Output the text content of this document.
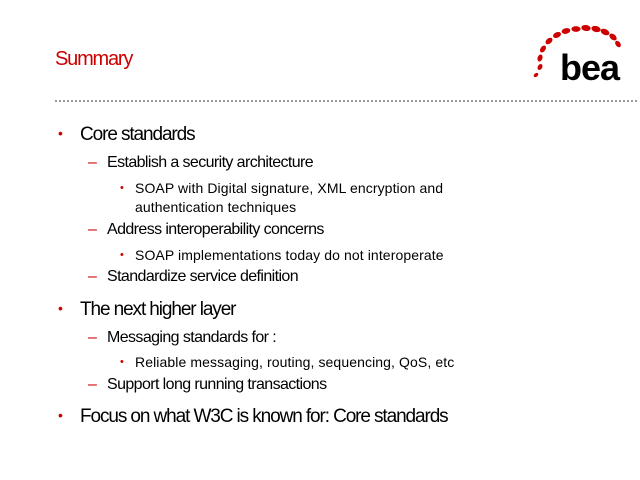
Summary	bea
• Core standards
– Establish a security architecture
• SOAP with Digital signature, XML encryption and
authentication techniques
– Address interoperability concerns
• SOAP implementations today do not interoperate
– Standardize service definition
• The next higher layer
– Messaging standards for :
• Reliable messaging, routing, sequencing, QoS, etc
– Support long running transactions
• Focus on what W3C is known for: Core standards
